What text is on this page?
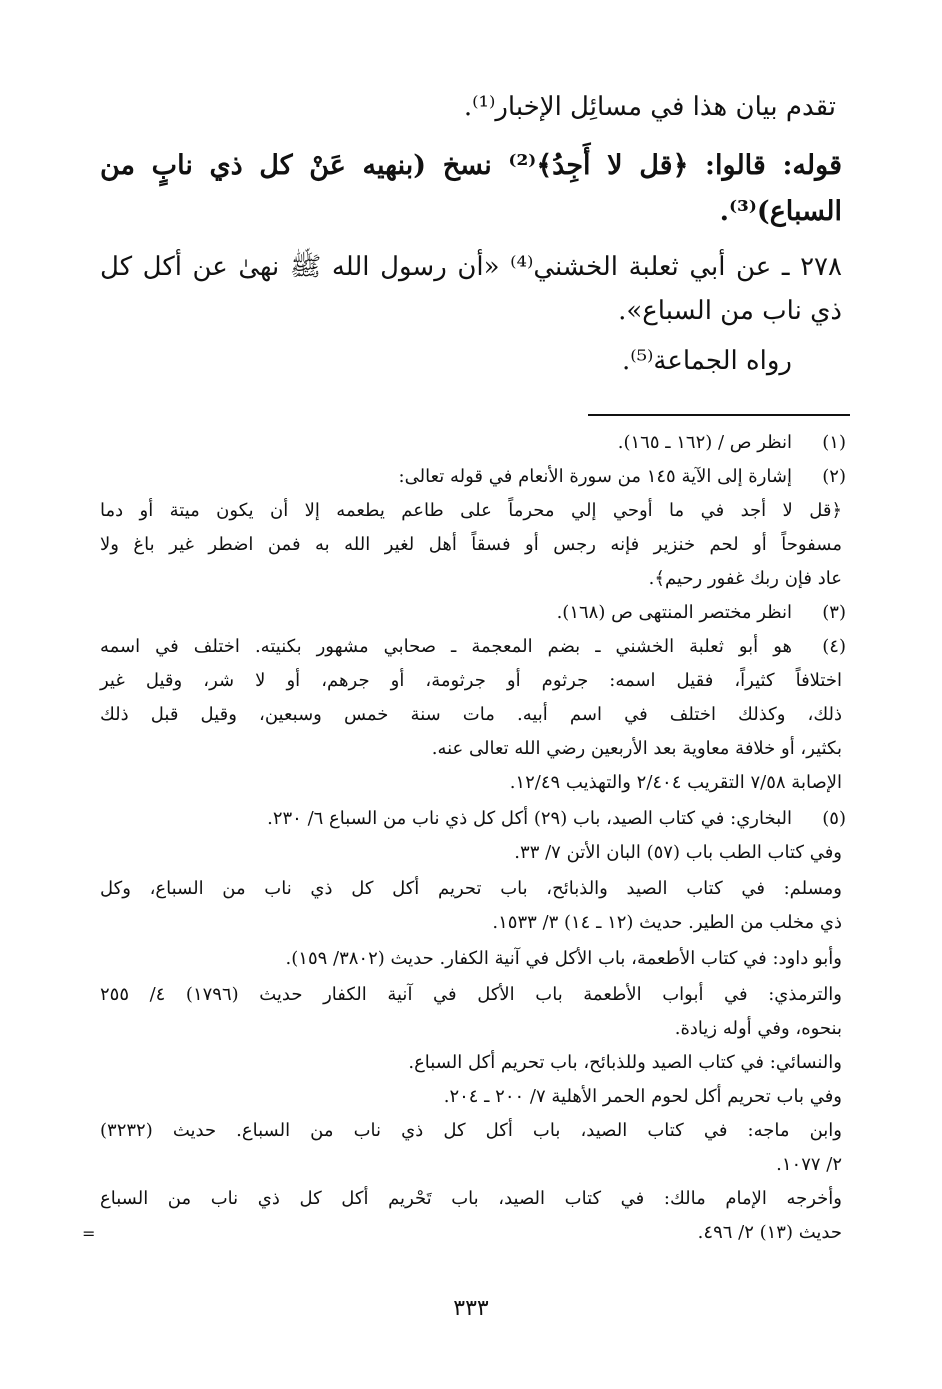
تقدم بيان هذا في مسائِل الإخبار⁽¹⁾.
قوله: قالوا: ﴿قل لا أَجِدُ﴾⁽²⁾ نسخ (بنهيه عَنْ كل ذي نابٍ من
السباع)⁽³⁾.
٢٧٨ ـ عن أبي ثعلبة الخشني⁽⁴⁾ «أن رسول الله ﷺ نهىٰ عن أكل كل
ذي ناب من السباع».
رواه الجماعة⁽⁵⁾.
(١)
انظر ص / (١٦٢ ـ ١٦٥).
(٢)
إشارة إلى الآية ١٤٥ من سورة الأنعام في قوله تعالى:
﴿قل لا أجد في ما أوحي إلي محرماً على طاعم يطعمه إلا أن يكون ميتة أو دما
مسفوحاً أو لحم خنزير فإنه رجس أو فسقاً أهل لغير الله به فمن اضطر غير باغ ولا
عاد فإن ربك غفور رحيم﴾.
(٣)
انظر مختصر المنتهى ص (١٦٨).
(٤)
هو أبو ثعلبة الخشني ـ بضم المعجمة ـ صحابي مشهور بكنيته. اختلف في اسمه
اختلافاً كثيراً، فقيل اسمه: جرثوم أو جرثومة، أو جرهم، أو لا شر، وقيل غير
ذلك، وكذلك اختلف في اسم أبيه. مات سنة خمس وسبعين، وقيل قبل ذلك
بكثير، أو خلافة معاوية بعد الأربعين رضي الله تعالى عنه.
الإصابة ٧/٥٨ التقريب ٢/٤٠٤ والتهذيب ١٢/٤٩.
(٥)
البخاري: في كتاب الصيد، باب (٢٩) أكل كل ذي ناب من السباع ٦/ ٢٣٠.
وفي كتاب الطب باب (٥٧) البان الأتن ٧/ ٣٣.
ومسلم: في كتاب الصيد والذبائح، باب تحريم أكل كل ذي ناب من السباع، وكل
ذي مخلب من الطير. حديث (١٢ ـ ١٤) ٣/ ١٥٣٣.
وأبو داود: في كتاب الأطعمة، باب الأكل في آنية الكفار. حديث (٣٨٠٢/ ١٥٩).
والترمذي: في أبواب الأطعمة باب الأكل في آنية الكفار حديث (١٧٩٦) ٤/ ٢٥٥
بنحوه، وفي أوله زيادة.
والنسائي: في كتاب الصيد وللذبائح، باب تحريم أكل السباع.
وفي باب تحريم أكل لحوم الحمر الأهلية ٧/ ٢٠٠ ـ ٢٠٤.
وابن ماجه: في كتاب الصيد، باب أكل كل ذي ناب من السباع. حديث (٣٢٣٢)
٢/ ١٠٧٧.
وأخرجه الإمام مالك: في كتاب الصيد، باب تَحْريم أكل كل ذي ناب من السباع
حديث (١٣) ٢/ ٤٩٦.
=
٣٣٣
